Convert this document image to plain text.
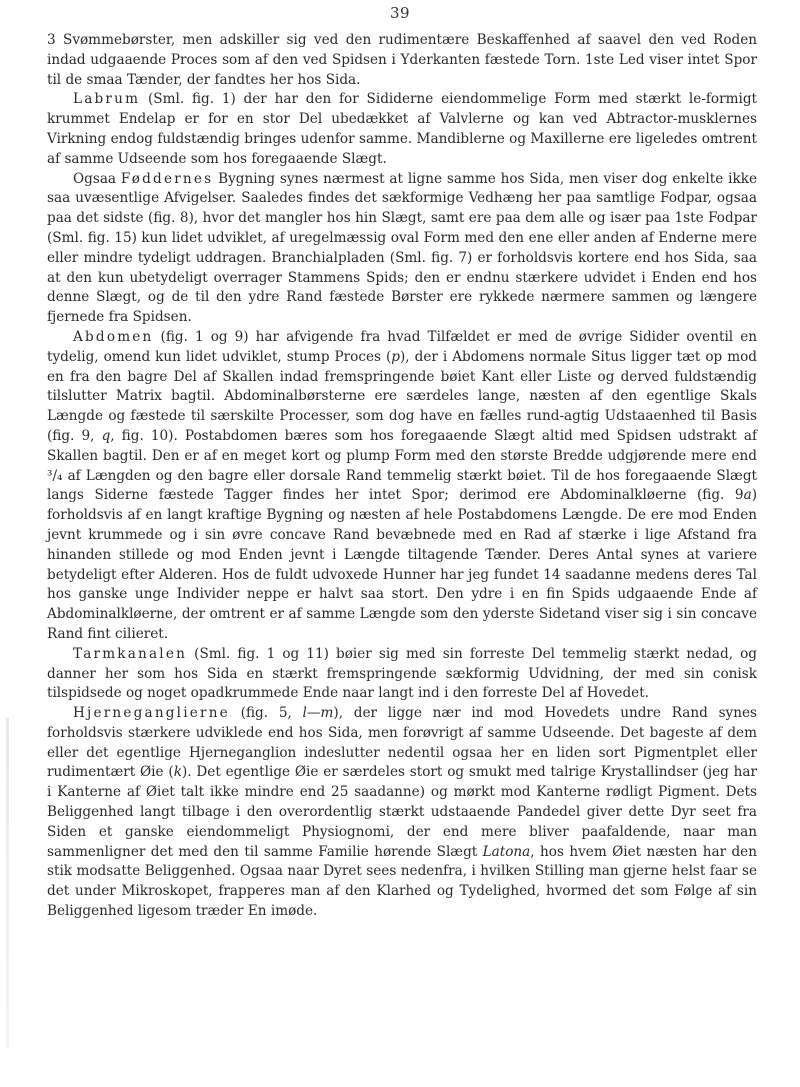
39

3 Svømmebørster, men adskiller sig ved den rudimentære Beskaffenhed af saavel den ved Roden indad udgaaende Proces som af den ved Spidsen i Yderkanten fæstede Torn. 1ste Led viser intet Spor til de smaa Tænder, der fandtes her hos Sida.

Labrum (Sml. fig. 1) der har den for Sididerne eiendommelige Form med stærkt le-formigt krummet Endelap er for en stor Del ubedækket af Valvlerne og kan ved Abtractor-musklernes Virkning endog fuldstændig bringes udenfor samme. Mandiblerne og Maxillerne ere ligeledes omtrent af samme Udseende som hos foregaaende Slægt.

Ogsaa Føddernes Bygning synes nærmest at ligne samme hos Sida, men viser dog enkelte ikke saa uvæsentlige Afvigelser. Saaledes findes det sækformige Vedhæng her paa samtlige Fodpar, ogsaa paa det sidste (fig. 8), hvor det mangler hos hin Slægt, samt ere paa dem alle og især paa 1ste Fodpar (Sml. fig. 15) kun lidet udviklet, af uregelmæssig oval Form med den ene eller anden af Enderne mere eller mindre tydeligt uddragen. Branchialpladen (Sml. fig. 7) er forholdsvis kortere end hos Sida, saa at den kun ubetydeligt overrager Stammens Spids; den er endnu stærkere udvidet i Enden end hos denne Slægt, og de til den ydre Rand fæstede Børster ere rykkede nærmere sammen og længere fjernede fra Spidsen.

Abdomen (fig. 1 og 9) har afvigende fra hvad Tilfældet er med de øvrige Sidider oventil en tydelig, omend kun lidet udviklet, stump Proces (p), der i Abdomens normale Situs ligger tæt op mod en fra den bagre Del af Skallen indad fremspringende bøiet Kant eller Liste og derved fuldstændig tilslutter Matrix bagtil. Abdominalbørsterne ere særdeles lange, næsten af den egentlige Skals Længde og fæstede til særskilte Processer, som dog have en fælles rund-agtig Udstaaenhed til Basis (fig. 9, q, fig. 10). Postabdomen bæres som hos foregaaende Slægt altid med Spidsen udstrakt af Skallen bagtil. Den er af en meget kort og plump Form med den største Bredde udgjørende mere end ³/₄ af Længden og den bagre eller dorsale Rand temmelig stærkt bøiet. Til de hos foregaaende Slægt langs Siderne fæstede Tagger findes her intet Spor; derimod ere Abdominalkløerne (fig. 9a) forholdsvis af en langt kraftige Bygning og næsten af hele Postabdomens Længde. De ere mod Enden jevnt krummede og i sin øvre concave Rand bevæbnede med en Rad af stærke i lige Afstand fra hinanden stillede og mod Enden jevnt i Længde tiltagende Tænder. Deres Antal synes at variere betydeligt efter Alderen. Hos de fuldt udvoxede Hunner har jeg fundet 14 saadanne medens deres Tal hos ganske unge Individer neppe er halvt saa stort. Den ydre i en fin Spids udgaaende Ende af Abdominalkløerne, der omtrent er af samme Længde som den yderste Sidetand viser sig i sin concave Rand fint cilieret.

Tarmkanalen (Sml. fig. 1 og 11) bøier sig med sin forreste Del temmelig stærkt nedad, og danner her som hos Sida en stærkt fremspringende sækformig Udvidning, der med sin conisk tilspidsede og noget opadkrummede Ende naar langt ind i den forreste Del af Hovedet.

Hjerneganglierne (fig. 5, l—m), der ligge nær ind mod Hovedets undre Rand synes forholdsvis stærkere udviklede end hos Sida, men forøvrigt af samme Udseende. Det bageste af dem eller det egentlige Hjerneganglion indeslutter nedentil ogsaa her en liden sort Pigmentplet eller rudimentært Øie (k). Det egentlige Øie er særdeles stort og smukt med talrige Krystallindser (jeg har i Kanterne af Øiet talt ikke mindre end 25 saadanne) og mørkt mod Kanterne rødligt Pigment. Dets Beliggenhed langt tilbage i den overordentlig stærkt udstaaende Pandedel giver dette Dyr seet fra Siden et ganske eiendommeligt Physiognomi, der end mere bliver paafaldende, naar man sammenligner det med den til samme Familie hørende Slægt Latona, hos hvem Øiet næsten har den stik modsatte Beliggenhed. Ogsaa naar Dyret sees nedenfra, i hvilken Stilling man gjerne helst faar se det under Mikroskopet, frapperes man af den Klarhed og Tydelighed, hvormed det som Følge af sin Beliggenhed ligesom træder En imøde.
